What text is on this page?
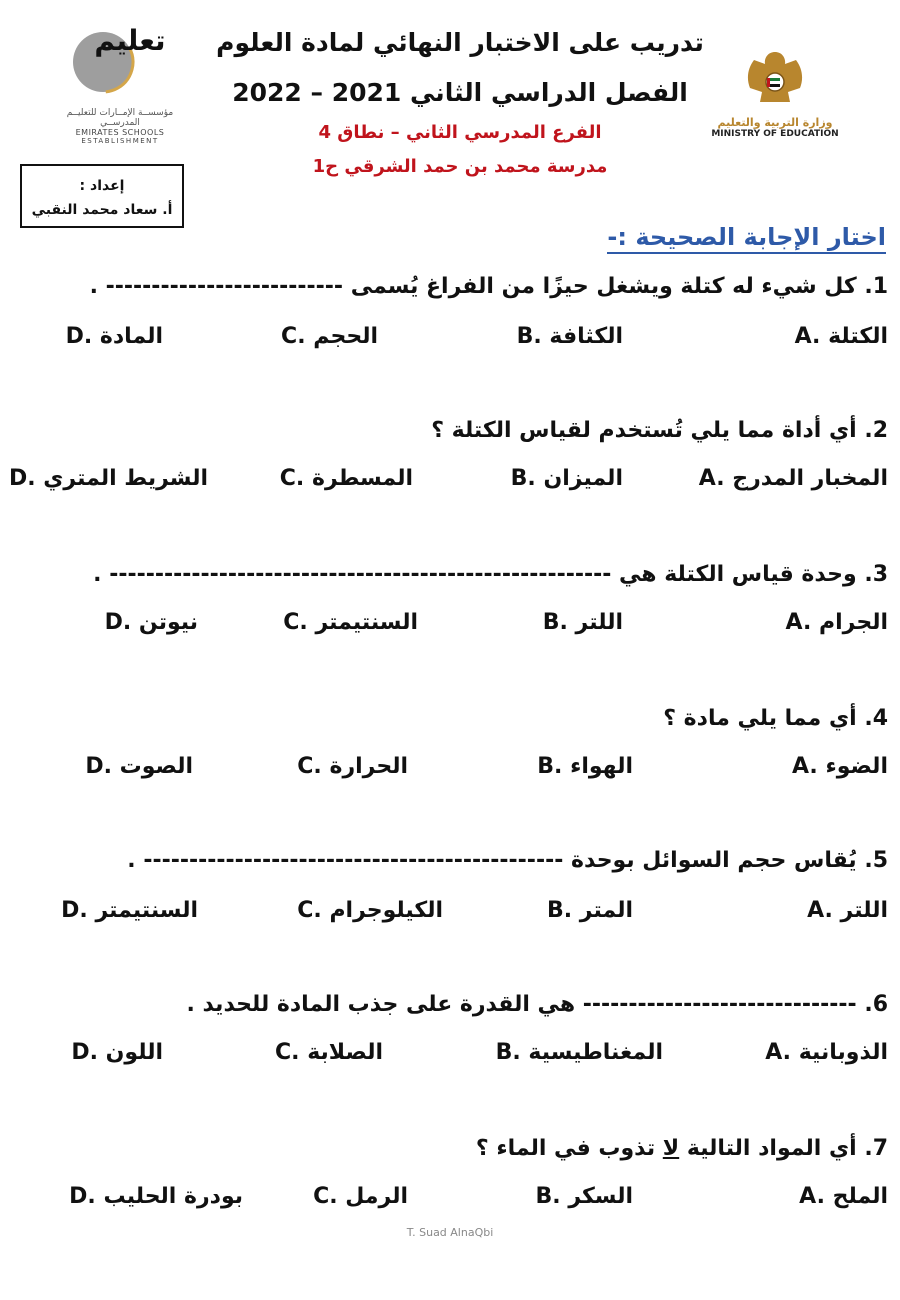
تعليم
مؤسســة الإمــارات للتعليــم المدرســي
EMIRATES SCHOOLS
ESTABLISHMENT
وزارة التربية والتعليم
MINISTRY OF EDUCATION
تدريب على الاختبار النهائي لمادة العلوم
الفصل الدراسي الثاني 2021 – 2022
الفرع المدرسي الثاني – نطاق 4
مدرسة محمد بن حمد الشرقي ح1
إعداد :
أ. سعاد محمد النقبي
اختار الإجابة الصحيحة :-
1. كل شيء له كتلة ويشغل حيزًا من الفراغ يُسمى -------------------------- .
A. الكتلة
B. الكثافة
C. الحجم
D. المادة
2. أي أداة مما يلي تُستخدم لقياس الكتلة ؟
A. المخبار المدرج
B. الميزان
C. المسطرة
D. الشريط المتري
3. وحدة قياس الكتلة هي ------------------------------------------------------- .
A. الجرام
B. اللتر
C. السنتيمتر
D. نيوتن
4. أي مما يلي مادة ؟
A. الضوء
B. الهواء
C. الحرارة
D. الصوت
5. يُقاس حجم السوائل بوحدة ---------------------------------------------- .
A. اللتر
B. المتر
C. الكيلوجرام
D. السنتيمتر
6. ------------------------------ هي القدرة على جذب المادة للحديد .
A. الذوبانية
B. المغناطيسية
C. الصلابة
D. اللون
7. أي المواد التالية لا تذوب في الماء ؟
A. الملح
B. السكر
C. الرمل
D. بودرة الحليب
T. Suad AlnaQbi
